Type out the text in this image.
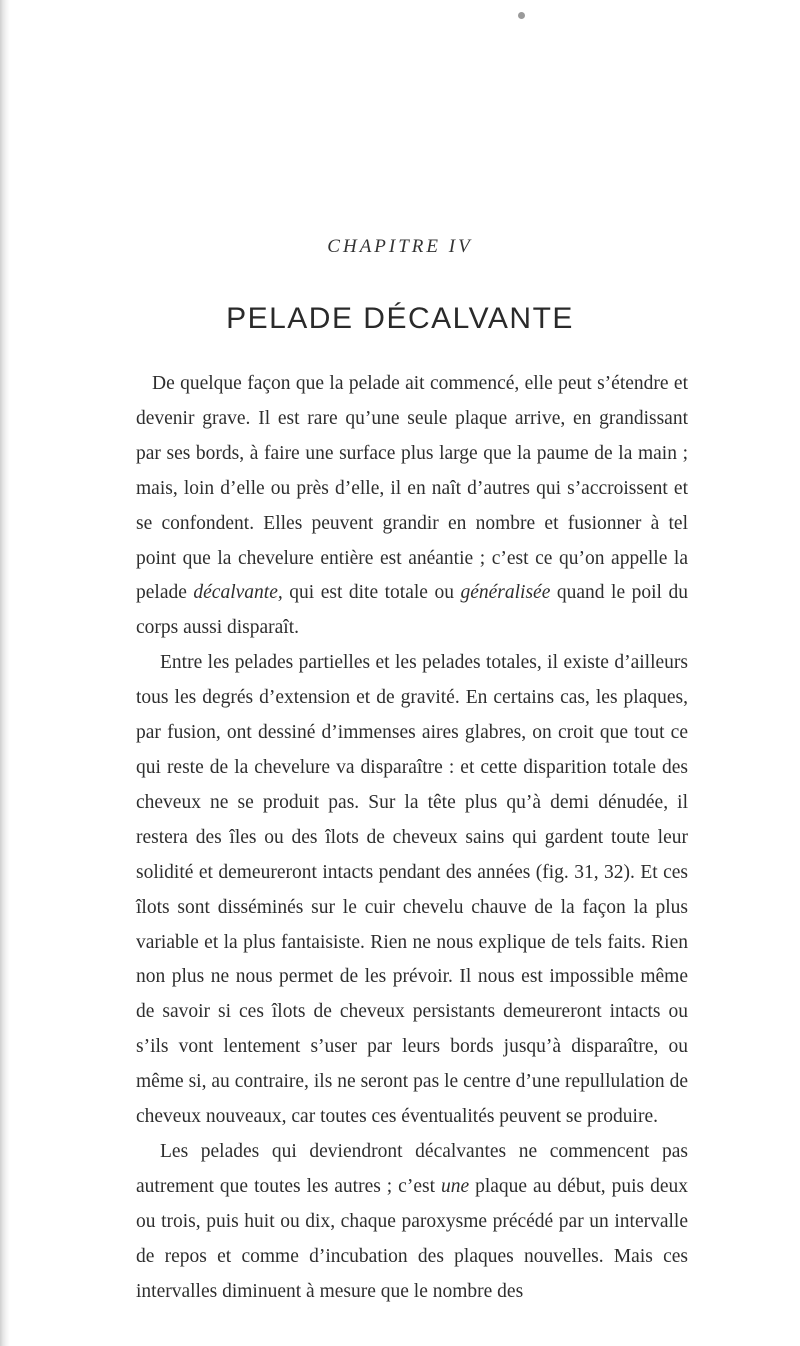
CHAPITRE IV
PELADE DÉCALVANTE

De quelque façon que la pelade ait commencé, elle peut s’étendre et devenir grave. Il est rare qu’une seule plaque arrive, en grandissant par ses bords, à faire une surface plus large que la paume de la main ; mais, loin d’elle ou près d’elle, il en naît d’autres qui s’accroissent et se confondent. Elles peuvent grandir en nombre et fusionner à tel point que la chevelure entière est anéantie ; c’est ce qu’on appelle la pelade décalvante, qui est dite totale ou généralisée quand le poil du corps aussi disparaît.

Entre les pelades partielles et les pelades totales, il existe d’ailleurs tous les degrés d’extension et de gravité. En certains cas, les plaques, par fusion, ont dessiné d’immenses aires glabres, on croit que tout ce qui reste de la chevelure va disparaître : et cette disparition totale des cheveux ne se produit pas. Sur la tête plus qu’à demi dénudée, il restera des îles ou des îlots de cheveux sains qui gardent toute leur solidité et demeureront intacts pendant des années (fig. 31, 32). Et ces îlots sont disséminés sur le cuir chevelu chauve de la façon la plus variable et la plus fantaisiste. Rien ne nous explique de tels faits. Rien non plus ne nous permet de les prévoir. Il nous est impossible même de savoir si ces îlots de cheveux persistants demeureront intacts ou s’ils vont lentement s’user par leurs bords jusqu’à disparaître, ou même si, au contraire, ils ne seront pas le centre d’une repullulation de cheveux nouveaux, car toutes ces éventualités peuvent se produire.

Les pelades qui deviendront décalvantes ne commencent pas autrement que toutes les autres ; c’est une plaque au début, puis deux ou trois, puis huit ou dix, chaque paroxysme précédé par un intervalle de repos et comme d’incubation des plaques nouvelles. Mais ces intervalles diminuent à mesure que le nombre des
